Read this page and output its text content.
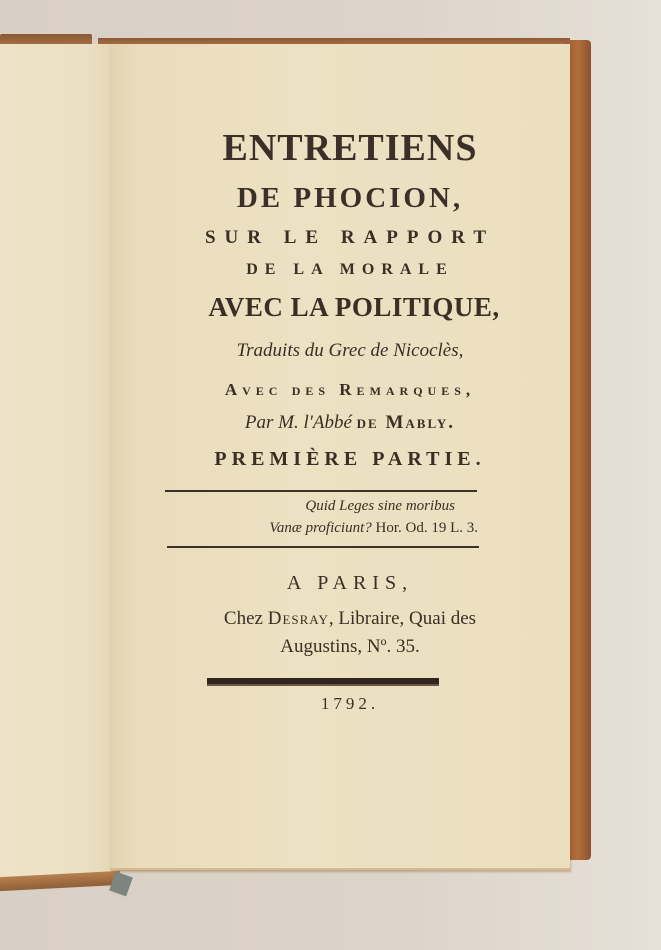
ENTRETIENS
DE PHOCION,
SUR LE RAPPORT
DE LA MORALE
AVEC LA POLITIQUE,
Traduits du Grec de Nicoclès,
Avec des Remarques,
Par M. l'Abbé de Mably.
PREMIÈRE PARTIE.
Quid Leges sine moribus
Vanæ proficiunt? Hor. Od. 19 L. 3.
A PARIS,
Chez Desray, Libraire, Quai des
Augustins, Nº. 35.
1792.
